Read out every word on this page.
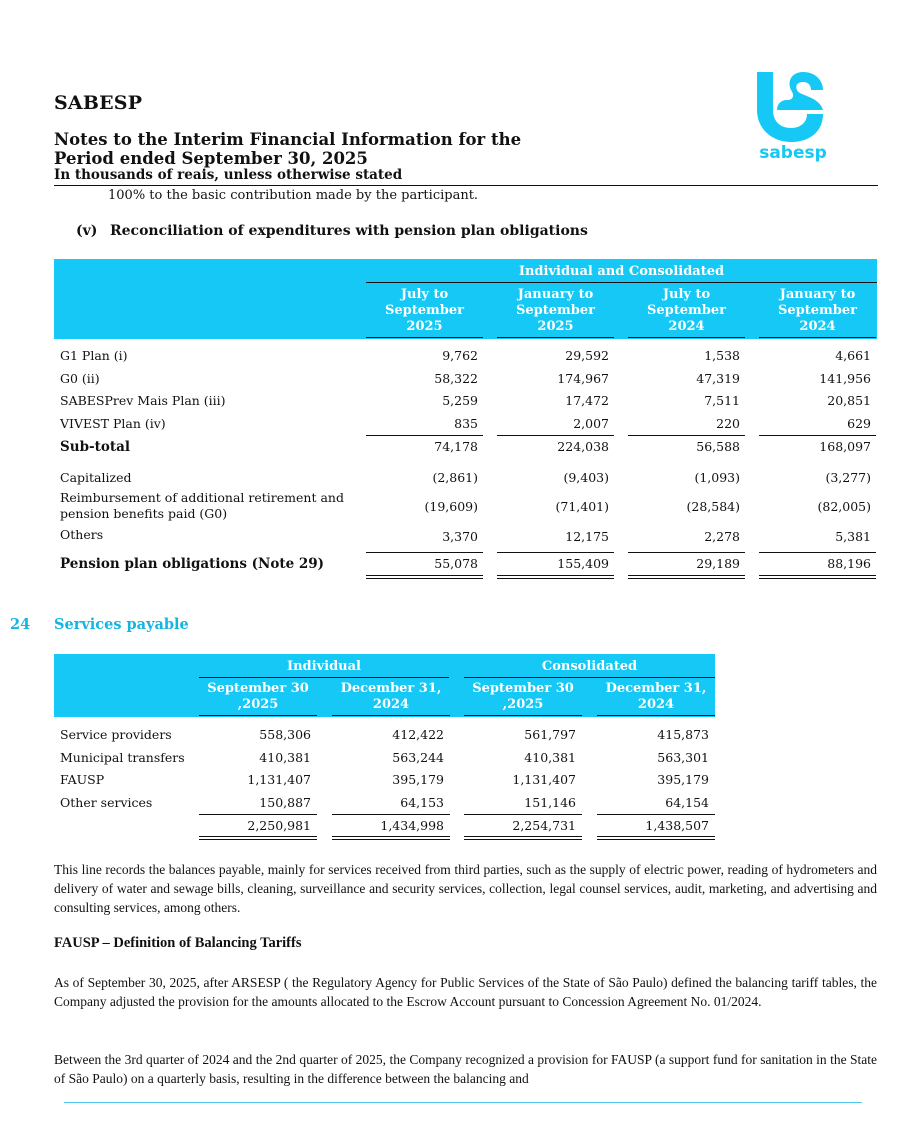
SABESP
Notes to the Interim Financial Information for the
Period ended September 30, 2025
In thousands of reais, unless otherwise stated
sabesp
100% to the basic contribution made by the participant.
(v) Reconciliation of expenditures with pension plan obligations
Individual and Consolidated
July to
September
2025
January to
September
2025
July to
September
2024
January to
September
2024
G1 Plan (i)	9,762	29,592	1,538	4,661
G0 (ii)	58,322	174,967	47,319	141,956
SABESPrev Mais Plan (iii)	5,259	17,472	7,511	20,851
VIVEST Plan (iv)	835	2,007	220	629
Sub-total	74,178	224,038	56,588	168,097
Capitalized	(2,861)	(9,403)	(1,093)	(3,277)
Reimbursement of additional retirement and
pension benefits paid (G0)	(19,609)	(71,401)	(28,584)	(82,005)
Others	3,370	12,175	2,278	5,381
Pension plan obligations (Note 29)	55,078	155,409	29,189	88,196
24 Services payable
Individual	Consolidated
September 30
,2025
December 31,
2024
September 30
,2025
December 31,
2024
Service providers	558,306	412,422	561,797	415,873
Municipal transfers	410,381	563,244	410,381	563,301
FAUSP	1,131,407	395,179	1,131,407	395,179
Other services	150,887	64,153	151,146	64,154
2,250,981	1,434,998	2,254,731	1,438,507
This line records the balances payable, mainly for services received from third parties, such as the supply of electric power, reading of hydrometers and delivery of water and sewage bills, cleaning, surveillance and security services, collection, legal counsel services, audit, marketing, and advertising and consulting services, among others.
FAUSP – Definition of Balancing Tariffs
As of September 30, 2025, after ARSESP ( the Regulatory Agency for Public Services of the State of São Paulo) defined the balancing tariff tables, the Company adjusted the provision for the amounts allocated to the Escrow Account pursuant to Concession Agreement No. 01/2024.
Between the 3rd quarter of 2024 and the 2nd quarter of 2025, the Company recognized a provision for FAUSP (a support fund for sanitation in the State of São Paulo) on a quarterly basis, resulting in the difference between the balancing and
